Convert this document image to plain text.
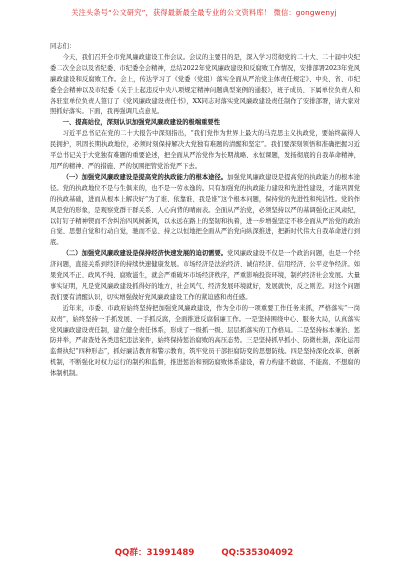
关注头条号“公文研究”，获得最新最全最专业的公文资料库！ 微信：gongwenyj

同志们：

今天，我们召开全市党风廉政建设工作会议。会议的主要目的是，深入学习贯彻党的二十大、二十届中央纪委二次全会以及省纪委、市纪委全会精神，总结2022年党风廉政建设和反腐败工作情况，安排部署2023年党风廉政建设和反腐败工作。会上，传达学习了《党委（党组）落实全面从严治党主体责任规定》、中央、省、市纪委全会精神以及市纪委《关于上起违反中央八项规定精神问题典型案例的通报》，班子成员、下属单位负责人和各驻室单位负责人签订了《党风廉政建设责任书》，XX同志对落实党风廉政建设责任制作了安排部署，请大家对照抓好落实。下面，我再强调几点意见。

一、提高站位，深刻认识加强党风廉政建设的极端重要性

习近平总书记在党的二十大报告中深刻指出，“我们党作为世界上最大的马克思主义执政党，要始终赢得人民拥护，巩固长期执政地位，必须时刻保持解决大党独有难题的清醒和坚定”。我们要深刻领悟和准确把握习近平总书记关于大党独有难题的重要论述，把全面从严治党作为长期战略、永恒课题，发扬彻底的自我革命精神，用严的精神、严的措施、严的氛围把管党治党严下去。

（一）加强党风廉政建设是提高党的执政能力的根本途径。加强党风廉政建设是提高党的执政能力的根本途径。党的执政地位不是与生俱来的，也不是一劳永逸的。只有加强党的执政能力建设和先进性建设，才能巩固党的执政基础，进而从根本上解决好“为了谁、依靠谁、我是谁”这个根本问题，保持党的先进性和纯洁性。党的作风是党的形象，是观察党群干群关系、人心向背的晴雨表。全面从严治党，必须坚持以严的基调强化正风肃纪，以钉钉子精神锲而不舍纠治四风树新风，以永远在路上的坚韧和执着，进一步增强坚定不移全面从严治党的政治自觉、思想自觉和行动自觉，驰而不息、持之以恒地把全面从严治党向纵深推进，把新时代伟大自我革命进行到底。

（二）加强党风廉政建设是保持经济快速发展的迫切需要。党风廉政建设不仅是一个政治问题，也是一个经济问题，直接关系到经济的持续快速健康发展。市场经济是法治经济、诚信经济、信用经济、公平竞争经济。如果党风不正、政风不纯、腐败滋生，就会严重破坏市场经济秩序，严重影响投资环境，制约经济社会发展。大量事实证明，凡是党风廉政建设抓得好的地方，社会风气、经济发展环境就好，发展就快，反之则差。对这个问题我们要有清醒认识，切实增强做好党风廉政建设工作的紧迫感和责任感。

近年来，市委、市政府始终坚持把加强党风廉政建设，作为全市的一项重要工作任务来抓，严格落实“一岗双责”，始终坚持一手抓发展、一手抓反腐，全面推进反腐倡廉工作。一是坚持围绕中心、服务大局，认真落实党风廉政建设责任制，建立健全责任体系，形成了一级抓一级、层层抓落实的工作格局。二是坚持标本兼治、惩防并举，严肃查处各类违纪违法案件，始终保持惩治腐败的高压态势。三是坚持抓早抓小、防微杜渐，深化运用监督执纪“四种形态”，抓好廉洁教育和警示教育，筑牢党员干部拒腐防变的思想防线。四是坚持深化改革、创新机制，不断强化对权力运行的制约和监督，推进惩治和预防腐败体系建设，着力构建不敢腐、不能腐、不想腐的体制机制。

QQ群：31991489	QQ:535304092
